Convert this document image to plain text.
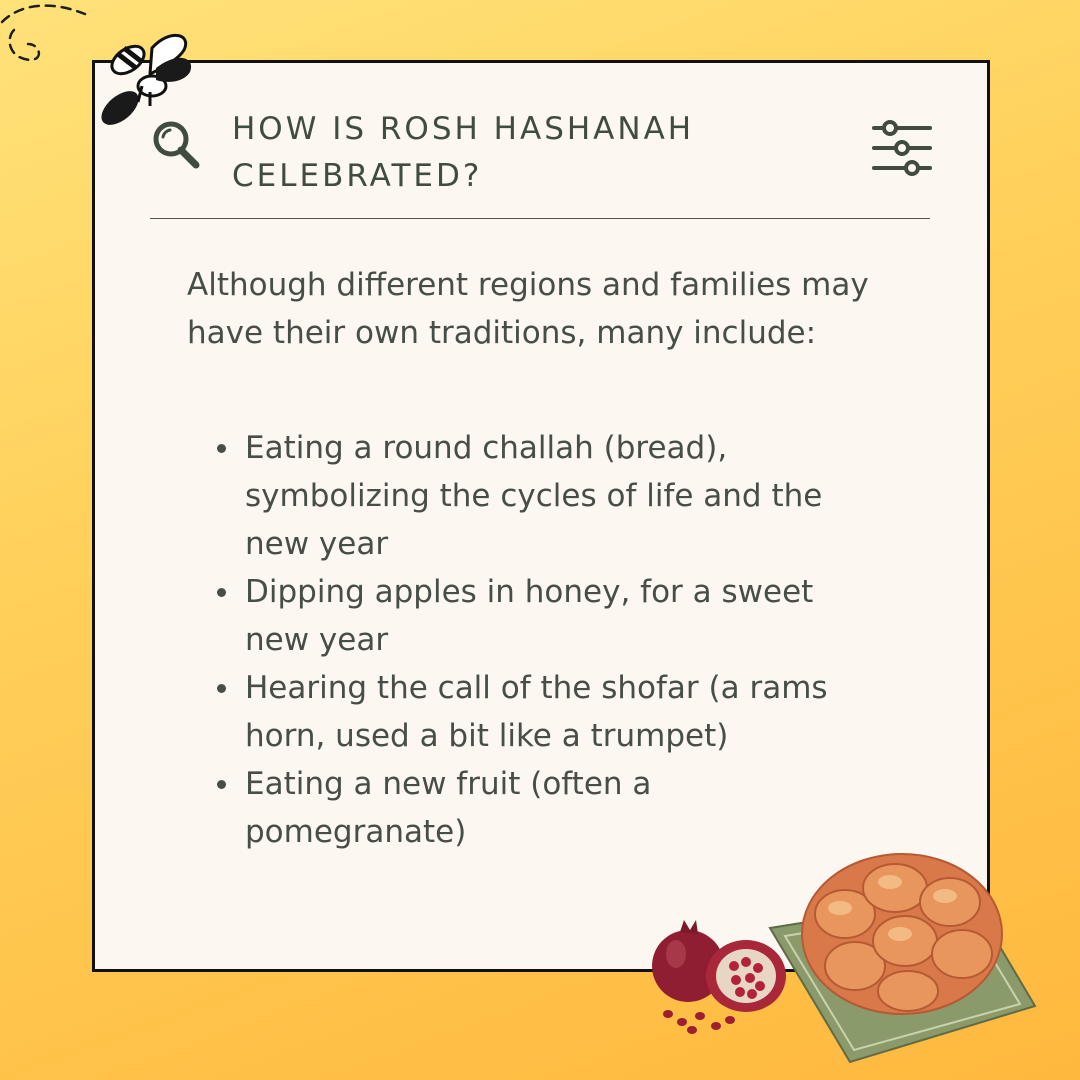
HOW IS ROSH HASHANAH CELEBRATED?
Although different regions and families may have their own traditions, many include:
Eating a round challah (bread), symbolizing the cycles of life and the new year
Dipping apples in honey, for a sweet new year
Hearing the call of the shofar (a rams horn, used a bit like a trumpet)
Eating a new fruit (often a pomegranate)
